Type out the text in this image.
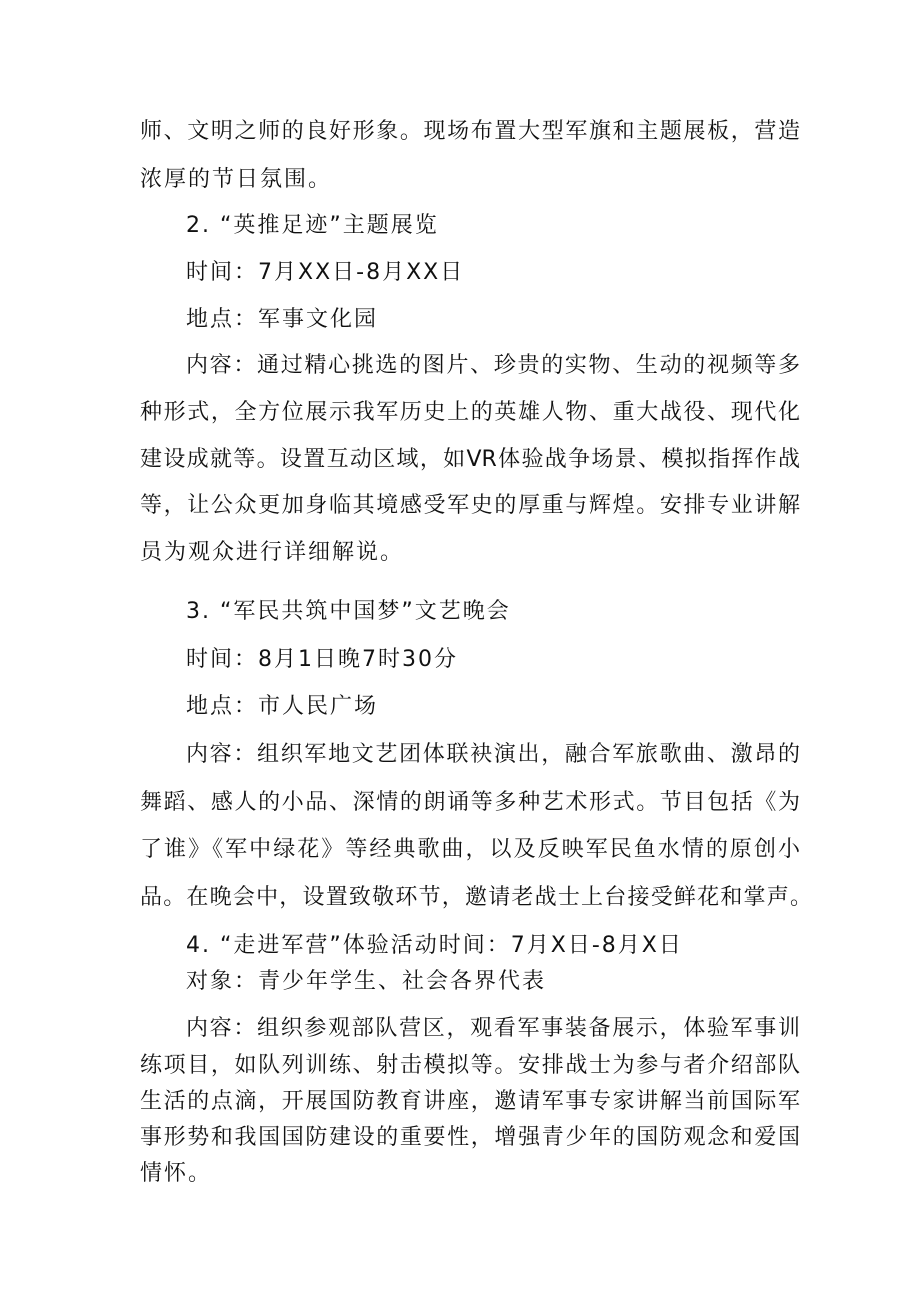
师、文明之师的良好形象。现场布置大型军旗和主题展板，营造
浓厚的节日氛围。
2. “英推足迹”主题展览
时间：7月XX日-8月XX日
地点：军事文化园
内容：通过精心挑选的图片、珍贵的实物、生动的视频等多
种形式，全方位展示我军历史上的英雄人物、重大战役、现代化
建设成就等。设置互动区域，如VR体验战争场景、模拟指挥作战
等，让公众更加身临其境感受军史的厚重与辉煌。安排专业讲解
员为观众进行详细解说。
3. “军民共筑中国梦”文艺晚会
时间：8月1日晚7时30分
地点：市人民广场
内容：组织军地文艺团体联袂演出，融合军旅歌曲、激昂的
舞蹈、感人的小品、深情的朗诵等多种艺术形式。节目包括《为
了谁》《军中绿花》等经典歌曲，以及反映军民鱼水情的原创小
品。在晚会中，设置致敬环节，邀请老战士上台接受鲜花和掌声。
4. “走进军营”体验活动时间：7月X日-8月X日
对象：青少年学生、社会各界代表
内容：组织参观部队营区，观看军事装备展示，体验军事训
练项目，如队列训练、射击模拟等。安排战士为参与者介绍部队
生活的点滴，开展国防教育讲座，邀请军事专家讲解当前国际军
事形势和我国国防建设的重要性，增强青少年的国防观念和爱国
情怀。
